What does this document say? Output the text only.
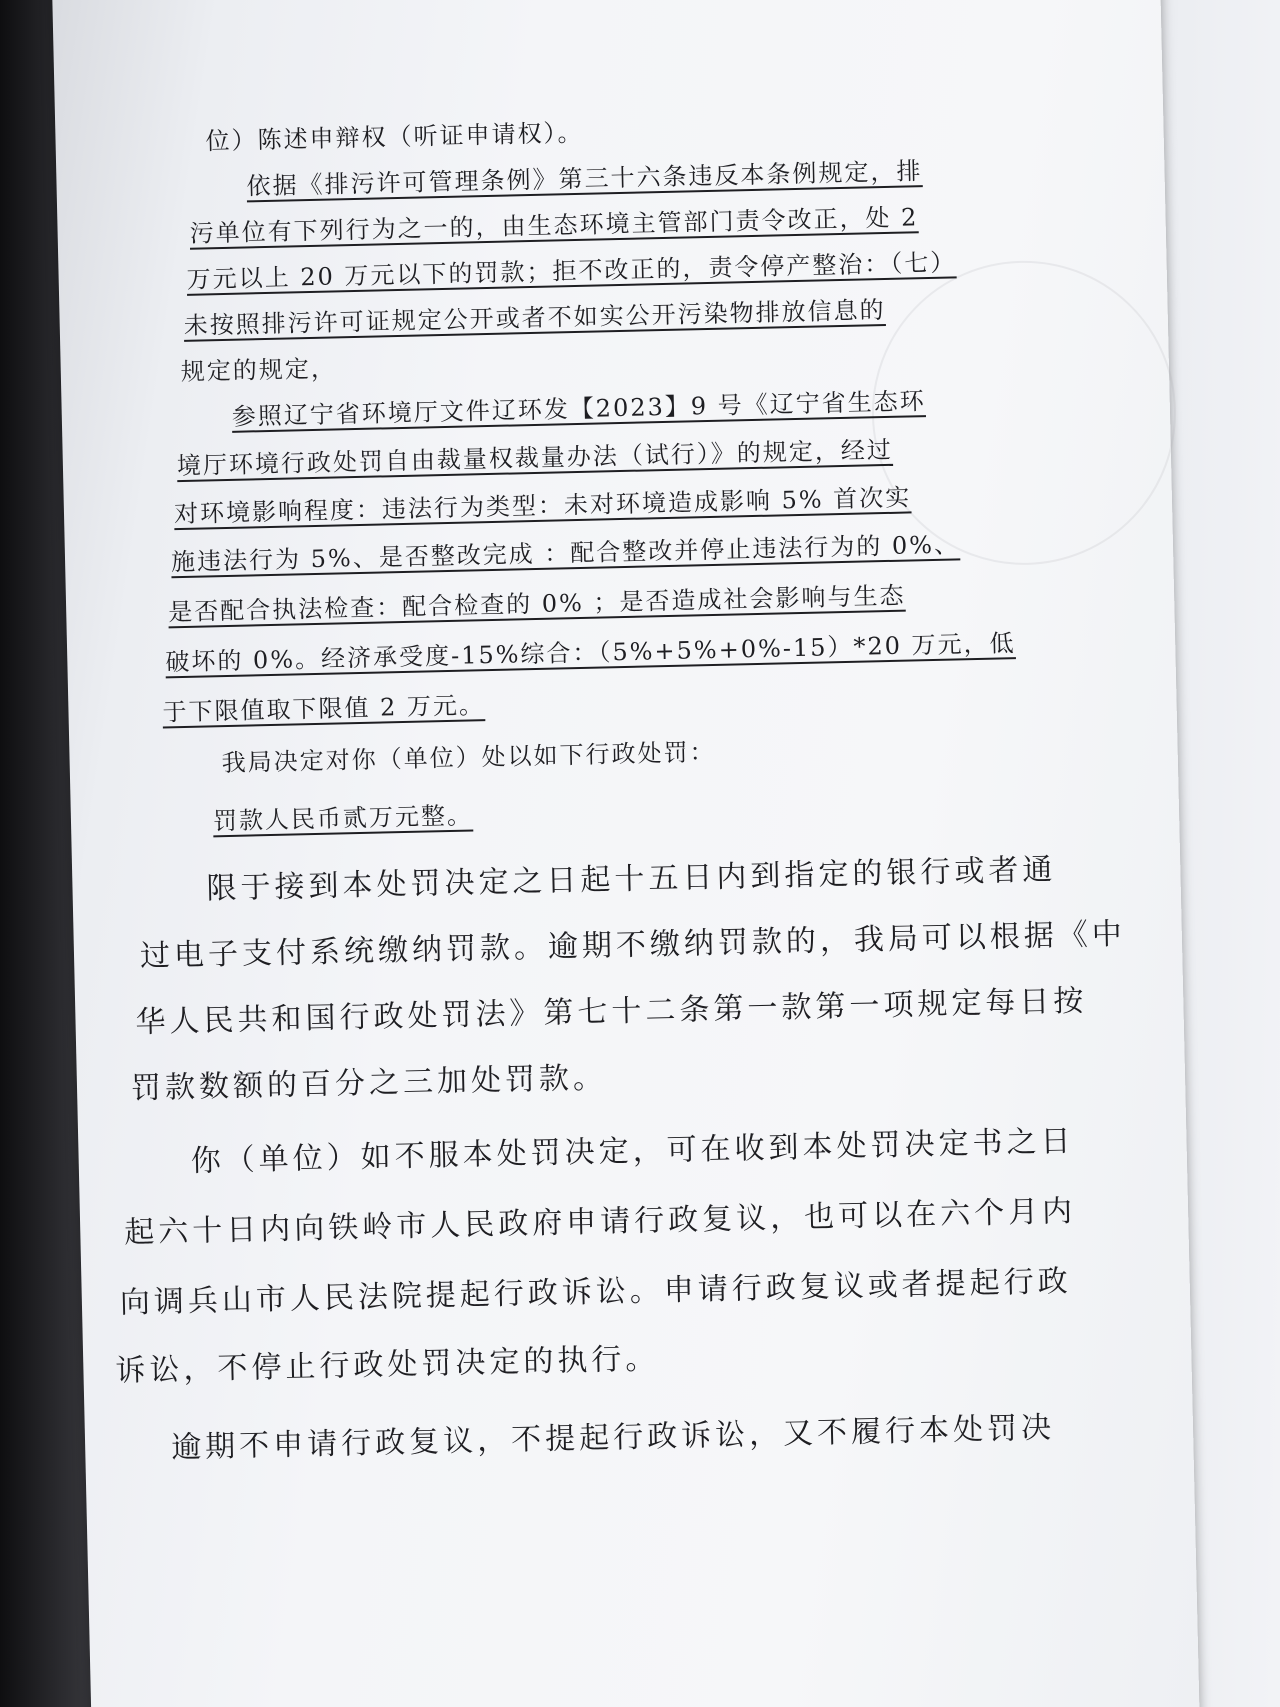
位）陈述申辩权（听证申请权）。
依据《排污许可管理条例》第三十六条违反本条例规定，排
污单位有下列行为之一的，由生态环境主管部门责令改正，处 2
万元以上 20 万元以下的罚款；拒不改正的，责令停产整治：（七）
未按照排污许可证规定公开或者不如实公开污染物排放信息的
规定的规定，
参照辽宁省环境厅文件辽环发【2023】9 号《辽宁省生态环
境厅环境行政处罚自由裁量权裁量办法（试行）》的规定，经过
对环境影响程度：违法行为类型：未对环境造成影响 5% 首次实
施违法行为 5%、是否整改完成 ：配合整改并停止违法行为的 0%、
是否配合执法检查：配合检查的 0% ；是否造成社会影响与生态
破坏的 0%。经济承受度-15%综合：（5%+5%+0%-15）*20 万元，低
于下限值取下限值 2 万元。
我局决定对你（单位）处以如下行政处罚：
罚款人民币贰万元整。
限于接到本处罚决定之日起十五日内到指定的银行或者通
过电子支付系统缴纳罚款。逾期不缴纳罚款的，我局可以根据《中
华人民共和国行政处罚法》第七十二条第一款第一项规定每日按
罚款数额的百分之三加处罚款。
你（单位）如不服本处罚决定，可在收到本处罚决定书之日
起六十日内向铁岭市人民政府申请行政复议，也可以在六个月内
向调兵山市人民法院提起行政诉讼。申请行政复议或者提起行政
诉讼，不停止行政处罚决定的执行。
逾期不申请行政复议，不提起行政诉讼，又不履行本处罚决
